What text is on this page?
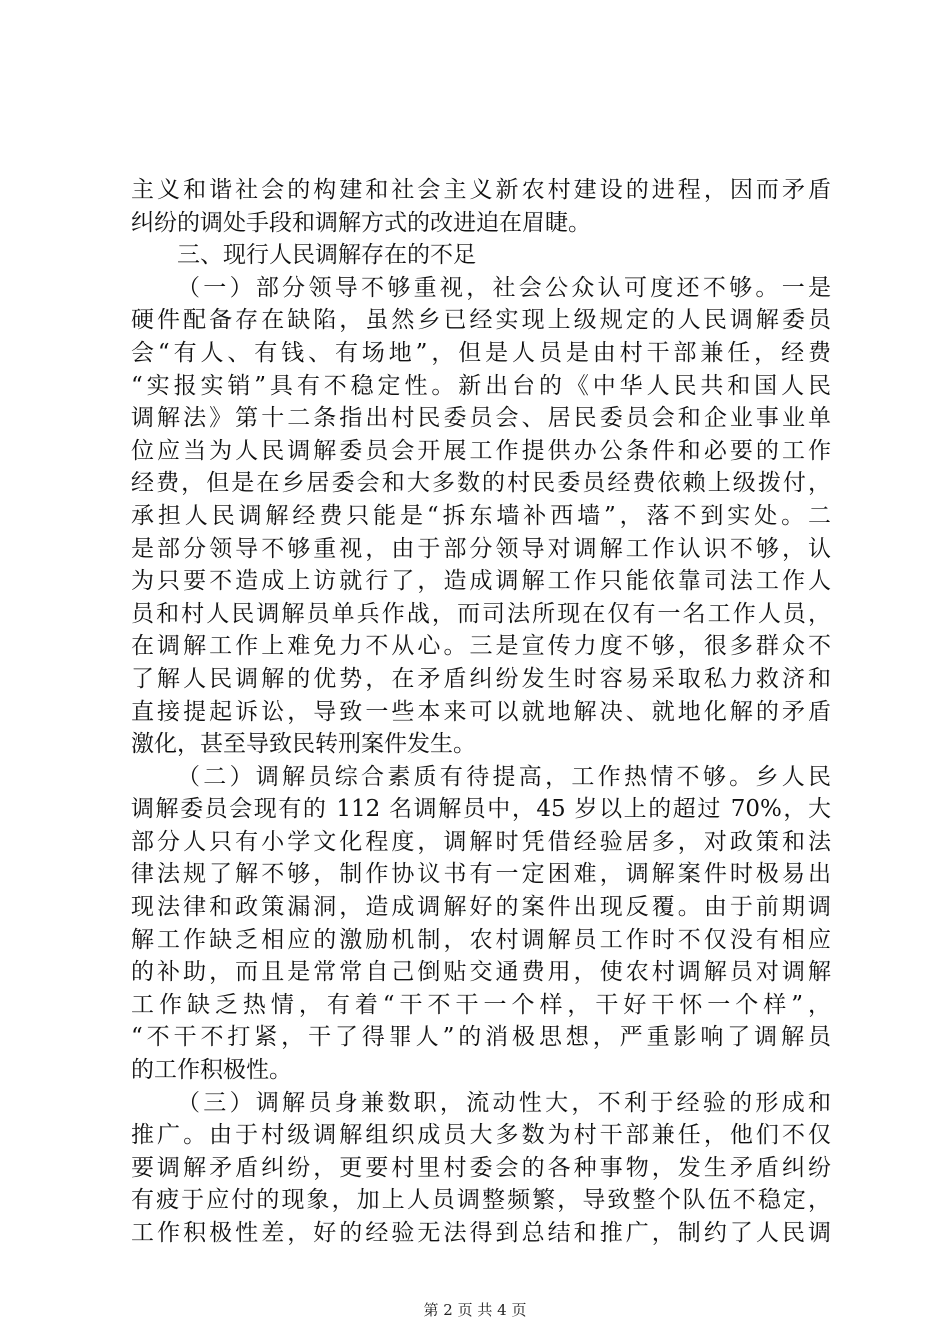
主义和谐社会的构建和社会主义新农村建设的进程，因而矛盾
纠纷的调处手段和调解方式的改进迫在眉睫。
三、现行人民调解存在的不足
（一）部分领导不够重视，社会公众认可度还不够。一是
硬件配备存在缺陷，虽然乡已经实现上级规定的人民调解委员
会“有人、有钱、有场地”，但是人员是由村干部兼任，经费
“实报实销”具有不稳定性。新出台的《中华人民共和国人民
调解法》第十二条指出村民委员会、居民委员会和企业事业单
位应当为人民调解委员会开展工作提供办公条件和必要的工作
经费，但是在乡居委会和大多数的村民委员经费依赖上级拨付，
承担人民调解经费只能是“拆东墙补西墙”，落不到实处。二
是部分领导不够重视，由于部分领导对调解工作认识不够，认
为只要不造成上访就行了，造成调解工作只能依靠司法工作人
员和村人民调解员单兵作战，而司法所现在仅有一名工作人员，
在调解工作上难免力不从心。三是宣传力度不够，很多群众不
了解人民调解的优势，在矛盾纠纷发生时容易采取私力救济和
直接提起诉讼，导致一些本来可以就地解决、就地化解的矛盾
激化，甚至导致民转刑案件发生。
（二）调解员综合素质有待提高，工作热情不够。乡人民
调解委员会现有的 112 名调解员中，45 岁以上的超过 70%，大
部分人只有小学文化程度，调解时凭借经验居多，对政策和法
律法规了解不够，制作协议书有一定困难，调解案件时极易出
现法律和政策漏洞，造成调解好的案件出现反覆。由于前期调
解工作缺乏相应的激励机制，农村调解员工作时不仅没有相应
的补助，而且是常常自己倒贴交通费用，使农村调解员对调解
工作缺乏热情，有着“干不干一个样，干好干怀一个样”，
“不干不打紧，干了得罪人”的消极思想，严重影响了调解员
的工作积极性。
（三）调解员身兼数职，流动性大，不利于经验的形成和
推广。由于村级调解组织成员大多数为村干部兼任，他们不仅
要调解矛盾纠纷，更要村里村委会的各种事物，发生矛盾纠纷
有疲于应付的现象，加上人员调整频繁，导致整个队伍不稳定，
工作积极性差，好的经验无法得到总结和推广，制约了人民调
第 2 页 共 4 页
